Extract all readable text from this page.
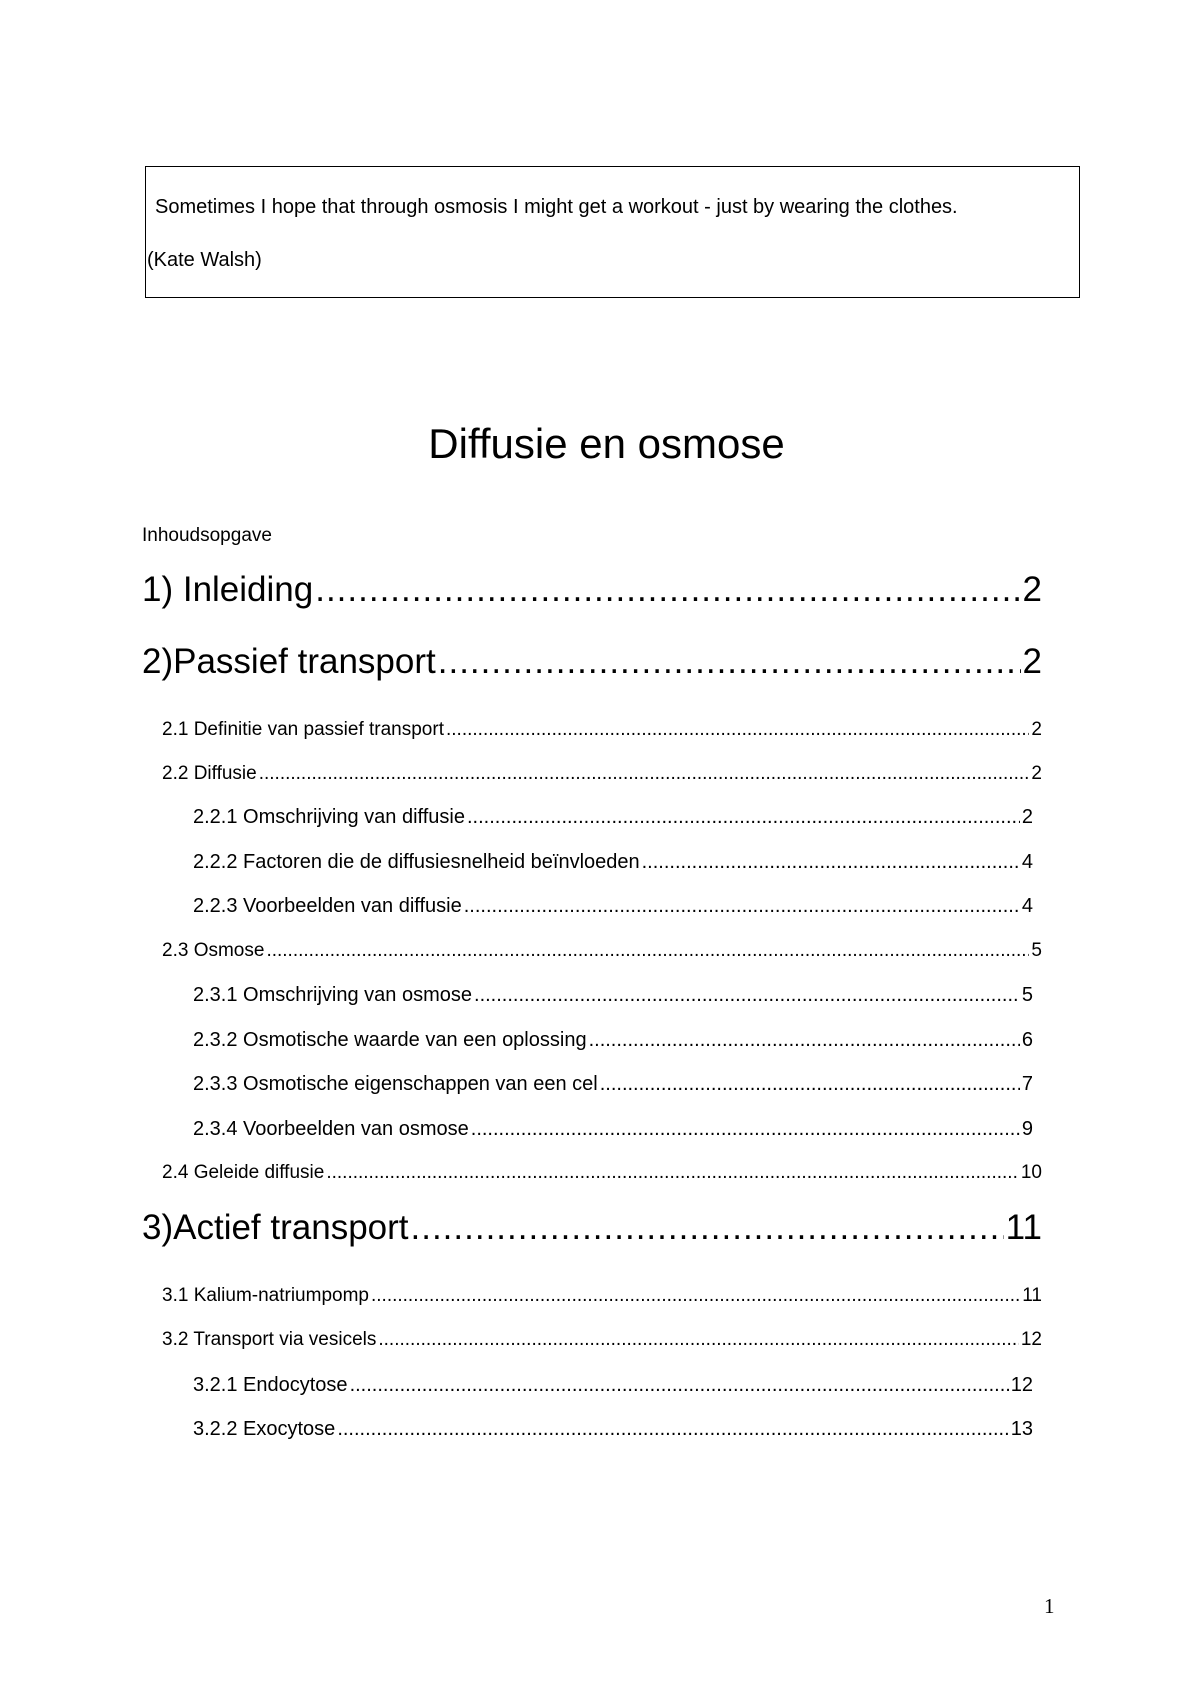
Sometimes I hope that through osmosis I might get a workout - just by wearing the clothes.
(Kate Walsh)
Diffusie en osmose
Inhoudsopgave
1) Inleiding .....	2
2)Passief transport .....	2
2.1 Definitie van passief transport .....	2
2.2 Diffusie .....	2
2.2.1 Omschrijving van diffusie .....	2
2.2.2 Factoren die de diffusiesnelheid beïnvloeden .....	4
2.2.3 Voorbeelden van diffusie .....	4
2.3 Osmose .....	5
2.3.1 Omschrijving van osmose .....	5
2.3.2 Osmotische waarde van een oplossing .....	6
2.3.3 Osmotische eigenschappen van een cel .....	7
2.3.4 Voorbeelden van osmose .....	9
2.4 Geleide diffusie .....	10
3)Actief transport .....	11
3.1 Kalium-natriumpomp .....	11
3.2 Transport via vesicels .....	12
3.2.1 Endocytose .....	12
3.2.2 Exocytose .....	13
1
